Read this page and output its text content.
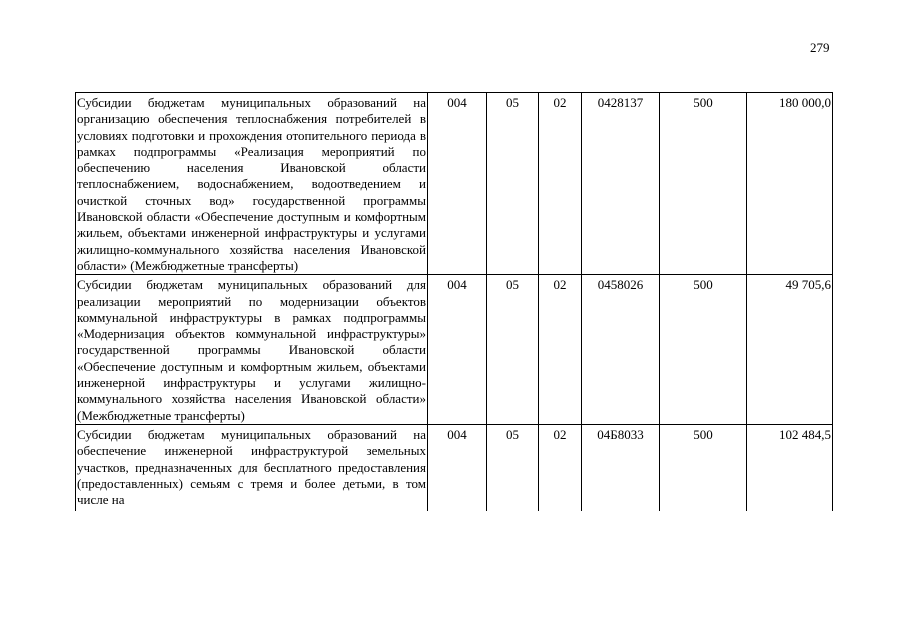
279
Субсидии бюджетам муниципальных образований на организацию обеспечения теплоснабжения потребителей в условиях подготовки и прохождения отопительного периода в рамках подпрограммы «Реализация мероприятий по обеспечению населения Ивановской области теплоснабжением, водоснабжением, водоотведением и очисткой сточных вод» государственной программы Ивановской области «Обеспечение доступным и комфортным жильем, объектами инженерной инфраструктуры и услугами жилищно-коммунального хозяйства населения Ивановской области» (Межбюджетные трансферты)	004	05	02	0428137	500	180 000,0
Субсидии бюджетам муниципальных образований для реализации мероприятий по модернизации объектов коммунальной инфраструктуры в рамках подпрограммы «Модернизация объектов коммунальной инфраструктуры» государственной программы Ивановской области «Обеспечение доступным и комфортным жильем, объектами инженерной инфраструктуры и услугами жилищно-коммунального хозяйства населения Ивановской области» (Межбюджетные трансферты)	004	05	02	0458026	500	49 705,6
Субсидии бюджетам муниципальных образований на обеспечение инженерной инфраструктурой земельных участков, предназначенных для бесплатного предоставления (предоставленных) семьям с тремя и более детьми, в том числе на	004	05	02	04Б8033	500	102 484,5
